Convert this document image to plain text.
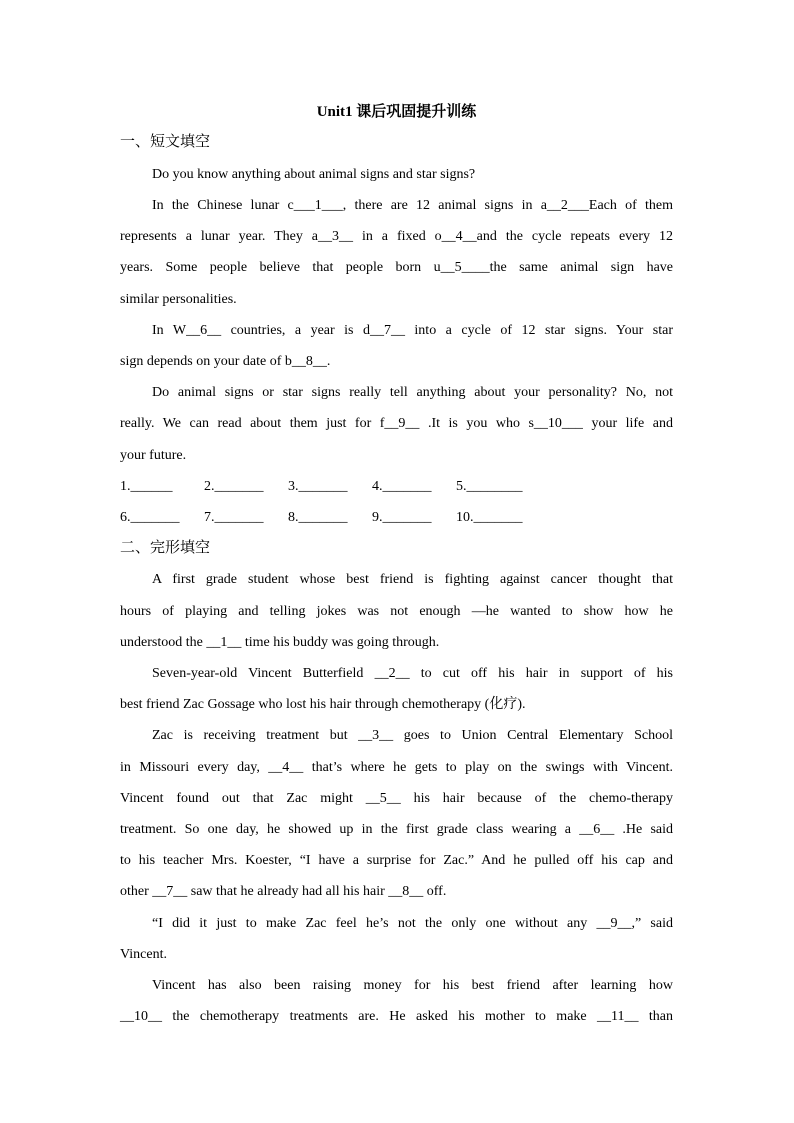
Unit1 课后巩固提升训练
一、短文填空
Do you know anything about animal signs and star signs?
In the Chinese lunar c___1___, there are 12 animal signs in a__2___Each of them
represents a lunar year. They a__3__ in a fixed o__4__and the cycle repeats every 12
years. Some people believe that people born u__5____the same animal sign have
similar personalities.
In W__6__ countries, a year is d__7__ into a cycle of 12 star signs. Your star
sign depends on your date of b__8__.
Do animal signs or star signs really tell anything about your personality? No, not
really. We can read about them just for f__9__ .It is you who s__10___ your life and
your future.
1.______	2._______	3._______	4._______	5.________
6._______	7._______	8._______	9._______	10._______
二、完形填空
A first grade student whose best friend is fighting against cancer thought that
hours of playing and telling jokes was not enough —he wanted to show how he
understood the __1__ time his buddy was going through.
Seven-year-old Vincent Butterfield __2__ to cut off his hair in support of his
best friend Zac Gossage who lost his hair through chemotherapy (化疗).
Zac is receiving treatment but __3__ goes to Union Central Elementary School
in Missouri every day, __4__ that’s where he gets to play on the swings with Vincent.
Vincent found out that Zac might __5__ his hair because of the chemo-therapy
treatment. So one day, he showed up in the first grade class wearing a __6__ .He said
to his teacher Mrs. Koester, “I have a surprise for Zac.” And he pulled off his cap and
other __7__ saw that he already had all his hair __8__ off.
“I did it just to make Zac feel he’s not the only one without any __9__,” said
Vincent.
Vincent has also been raising money for his best friend after learning how
__10__ the chemotherapy treatments are. He asked his mother to make __11__ than
